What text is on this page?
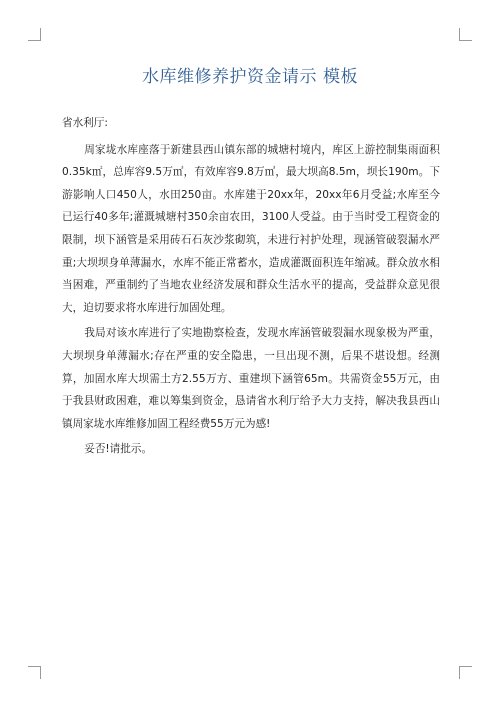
水库维修养护资金请示 模板

省水利厅:

周家垅水库座落于新建县西山镇东部的城塘村境内，库区上游控制集雨面积0.35k㎡，总库容9.5万㎥，有效库容9.8万㎥，最大坝高8.5m，坝长190m。下游影响人口450人，水田250亩。水库建于20xx年，20xx年6月受益;水库至今已运行40多年;灌溉城塘村350余亩农田，3100人受益。由于当时受工程资金的限制，坝下涵管是采用砖石石灰沙浆砌筑，未进行衬护处理，现涵管破裂漏水严重;大坝坝身单薄漏水，水库不能正常蓄水，造成灌溉面积连年缩减。群众放水相当困难，严重制约了当地农业经济发展和群众生活水平的提高，受益群众意见很大，迫切要求将水库进行加固处理。

我局对该水库进行了实地勘察检查，发现水库涵管破裂漏水现象极为严重，大坝坝身单薄漏水;存在严重的安全隐患，一旦出现不测，后果不堪设想。经测算，加固水库大坝需土方2.55万方、重建坝下涵管65m。共需资金55万元，由于我县财政困难，难以筹集到资金，恳请省水利厅给予大力支持，解决我县西山镇周家垅水库维修加固工程经费55万元为感!

妥否!请批示。
